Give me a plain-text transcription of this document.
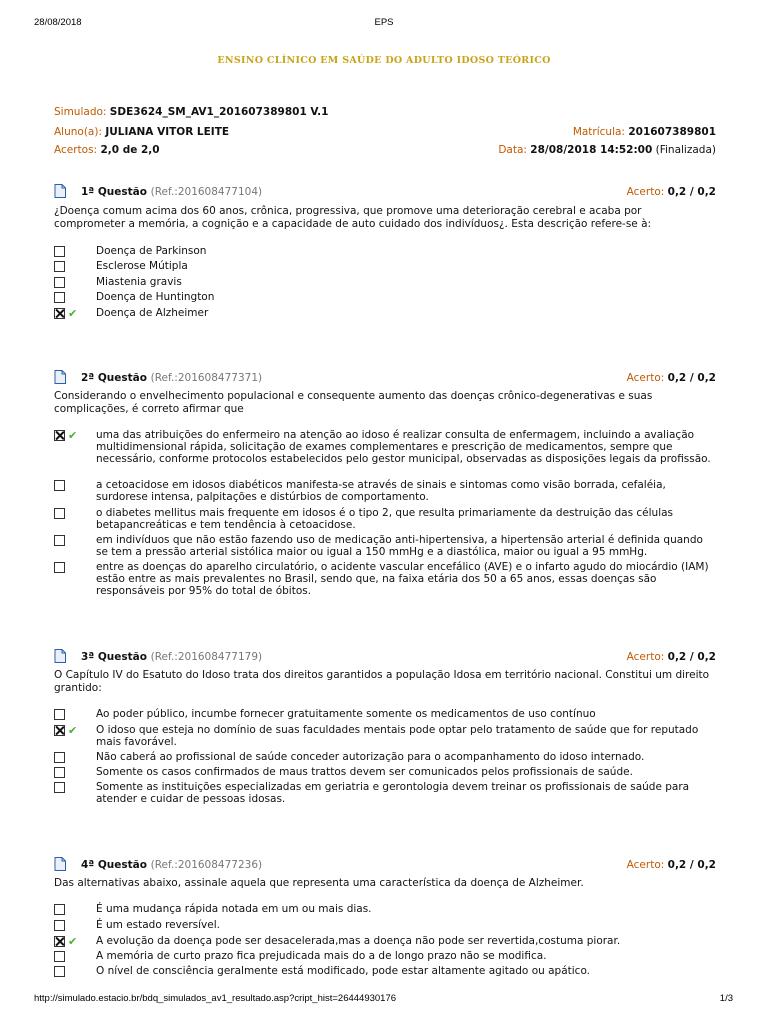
28/08/2018	EPS
ENSINO CLÍNICO EM SAÚDE DO ADULTO IDOSO TEÓRICO
Simulado: SDE3624_SM_AV1_201607389801 V.1
Aluno(a): JULIANA VITOR LEITE	Matrícula: 201607389801
Acertos: 2,0 de 2,0	Data: 28/08/2018 14:52:00 (Finalizada)
1ª Questão (Ref.:201608477104)	Acerto: 0,2 / 0,2
¿Doença comum acima dos 60 anos, crônica, progressiva, que promove uma deterioração cerebral e acaba por comprometer a memória, a cognição e a capacidade de auto cuidado dos indivíduos¿. Esta descrição refere-se à:
Doença de Parkinson
Esclerose Mútipla
Miastenia gravis
Doença de Huntington
✔ Doença de Alzheimer
2ª Questão (Ref.:201608477371)	Acerto: 0,2 / 0,2
Considerando o envelhecimento populacional e consequente aumento das doenças crônico-degenerativas e suas complicações, é correto afirmar que
✔ uma das atribuições do enfermeiro na atenção ao idoso é realizar consulta de enfermagem, incluindo a avaliação multidimensional rápida, solicitação de exames complementares e prescrição de medicamentos, sempre que necessário, conforme protocolos estabelecidos pelo gestor municipal, observadas as disposições legais da profissão.
a cetoacidose em idosos diabéticos manifesta-se através de sinais e sintomas como visão borrada, cefaléia, surdorese intensa, palpitações e distúrbios de comportamento.
o diabetes mellitus mais frequente em idosos é o tipo 2, que resulta primariamente da destruição das células betapancreáticas e tem tendência à cetoacidose.
em indivíduos que não estão fazendo uso de medicação anti-hipertensiva, a hipertensão arterial é definida quando se tem a pressão arterial sistólica maior ou igual a 150 mmHg e a diastólica, maior ou igual a 95 mmHg.
entre as doenças do aparelho circulatório, o acidente vascular encefálico (AVE) e o infarto agudo do miocárdio (IAM) estão entre as mais prevalentes no Brasil, sendo que, na faixa etária dos 50 a 65 anos, essas doenças são responsáveis por 95% do total de óbitos.
3ª Questão (Ref.:201608477179)	Acerto: 0,2 / 0,2
O Capítulo IV do Esatuto do Idoso trata dos direitos garantidos a população Idosa em território nacional. Constitui um direito grantido:
Ao poder público, incumbe fornecer gratuitamente somente os medicamentos de uso contínuo
✔ O idoso que esteja no domínio de suas faculdades mentais pode optar pelo tratamento de saúde que for reputado mais favorável.
Não caberá ao profissional de saúde conceder autorização para o acompanhamento do idoso internado.
Somente os casos confirmados de maus trattos devem ser comunicados pelos profissionais de saúde.
Somente as instituições especializadas em geriatria e gerontologia devem treinar os profissionais de saúde para atender e cuidar de pessoas idosas.
4ª Questão (Ref.:201608477236)	Acerto: 0,2 / 0,2
Das alternativas abaixo, assinale aquela que representa uma característica da doença de Alzheimer.
É uma mudança rápida notada em um ou mais dias.
É um estado reversível.
✔ A evolução da doença pode ser desacelerada,mas a doença não pode ser revertida,costuma piorar.
A memória de curto prazo fica prejudicada mais do a de longo prazo não se modifica.
O nível de consciência geralmente está modificado, pode estar altamente agitado ou apático.
http://simulado.estacio.br/bdq_simulados_av1_resultado.asp?cript_hist=26444930176	1/3
